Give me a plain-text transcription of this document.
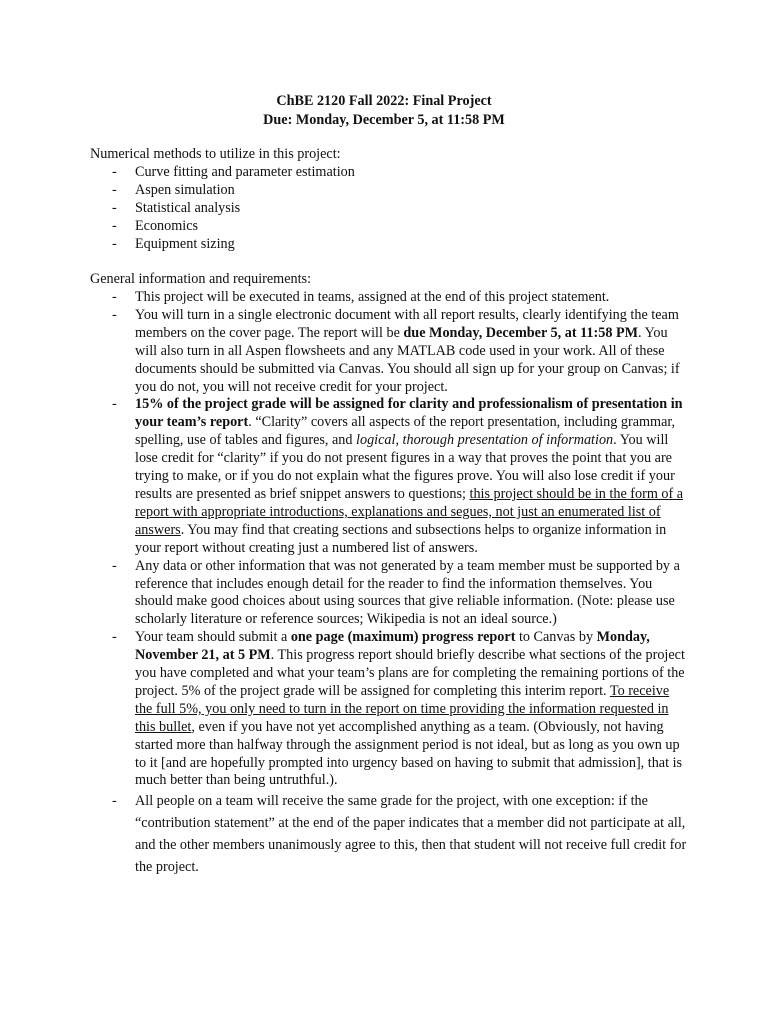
ChBE 2120 Fall 2022: Final Project
Due: Monday, December 5, at 11:58 PM
Numerical methods to utilize in this project:
- Curve fitting and parameter estimation
- Aspen simulation
- Statistical analysis
- Economics
- Equipment sizing
General information and requirements:
- This project will be executed in teams, assigned at the end of this project statement.
- You will turn in a single electronic document with all report results, clearly identifying the team members on the cover page. The report will be due Monday, December 5, at 11:58 PM. You will also turn in all Aspen flowsheets and any MATLAB code used in your work. All of these documents should be submitted via Canvas. You should all sign up for your group on Canvas; if you do not, you will not receive credit for your project.
- 15% of the project grade will be assigned for clarity and professionalism of presentation in your team’s report. “Clarity” covers all aspects of the report presentation, including grammar, spelling, use of tables and figures, and logical, thorough presentation of information. You will lose credit for “clarity” if you do not present figures in a way that proves the point that you are trying to make, or if you do not explain what the figures prove. You will also lose credit if your results are presented as brief snippet answers to questions; this project should be in the form of a report with appropriate introductions, explanations and segues, not just an enumerated list of answers. You may find that creating sections and subsections helps to organize information in your report without creating just a numbered list of answers.
- Any data or other information that was not generated by a team member must be supported by a reference that includes enough detail for the reader to find the information themselves. You should make good choices about using sources that give reliable information. (Note: please use scholarly literature or reference sources; Wikipedia is not an ideal source.)
- Your team should submit a one page (maximum) progress report to Canvas by Monday, November 21, at 5 PM. This progress report should briefly describe what sections of the project you have completed and what your team’s plans are for completing the remaining portions of the project. 5% of the project grade will be assigned for completing this interim report. To receive the full 5%, you only need to turn in the report on time providing the information requested in this bullet, even if you have not yet accomplished anything as a team. (Obviously, not having started more than halfway through the assignment period is not ideal, but as long as you own up to it [and are hopefully prompted into urgency based on having to submit that admission], that is much better than being untruthful.).
- All people on a team will receive the same grade for the project, with one exception: if the “contribution statement” at the end of the paper indicates that a member did not participate at all, and the other members unanimously agree to this, then that student will not receive full credit for the project.
